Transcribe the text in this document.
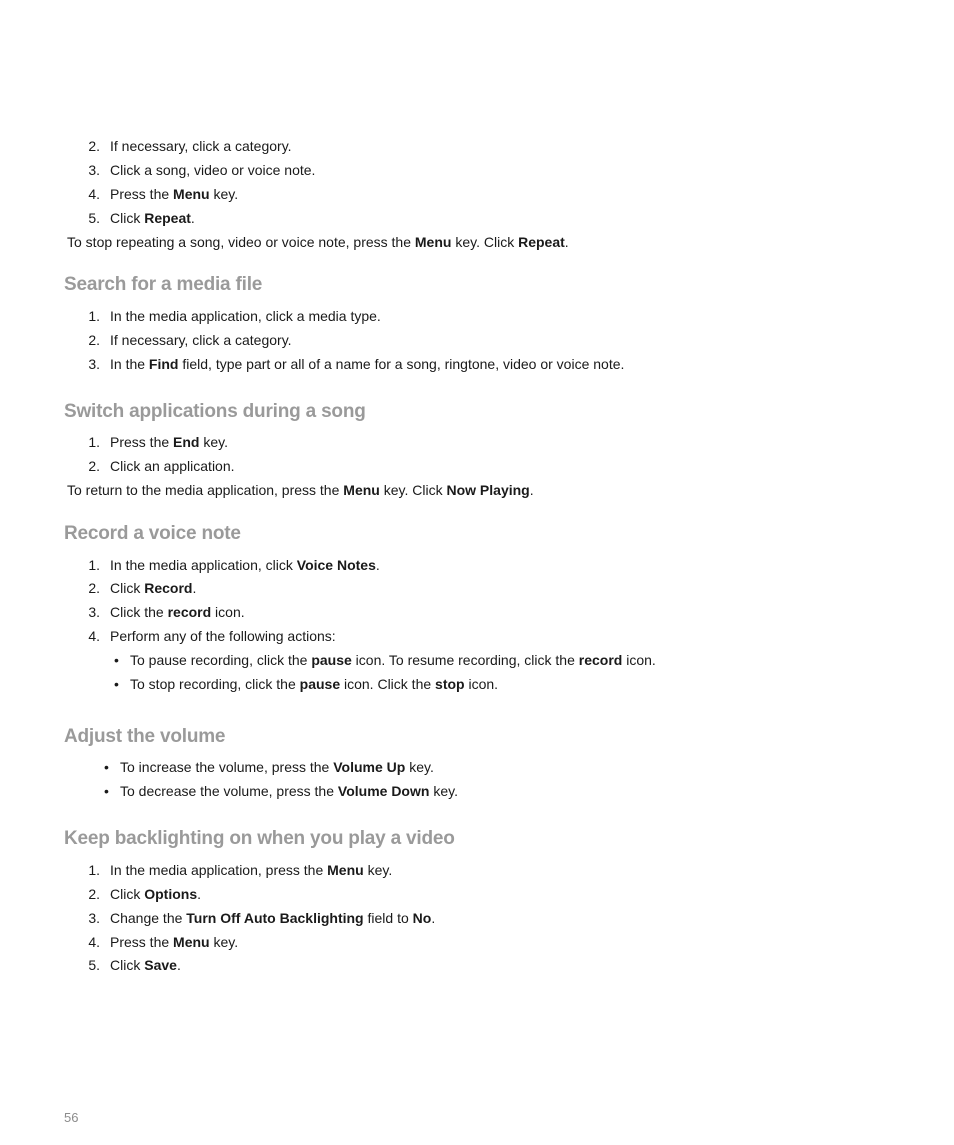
2. If necessary, click a category.
3. Click a song, video or voice note.
4. Press the Menu key.
5. Click Repeat.
To stop repeating a song, video or voice note, press the Menu key. Click Repeat.
Search for a media file
1. In the media application, click a media type.
2. If necessary, click a category.
3. In the Find field, type part or all of a name for a song, ringtone, video or voice note.
Switch applications during a song
1. Press the End key.
2. Click an application.
To return to the media application, press the Menu key. Click Now Playing.
Record a voice note
1. In the media application, click Voice Notes.
2. Click Record.
3. Click the record icon.
4. Perform any of the following actions:
• To pause recording, click the pause icon. To resume recording, click the record icon.
• To stop recording, click the pause icon. Click the stop icon.
Adjust the volume
• To increase the volume, press the Volume Up key.
• To decrease the volume, press the Volume Down key.
Keep backlighting on when you play a video
1. In the media application, press the Menu key.
2. Click Options.
3. Change the Turn Off Auto Backlighting field to No.
4. Press the Menu key.
5. Click Save.
56
